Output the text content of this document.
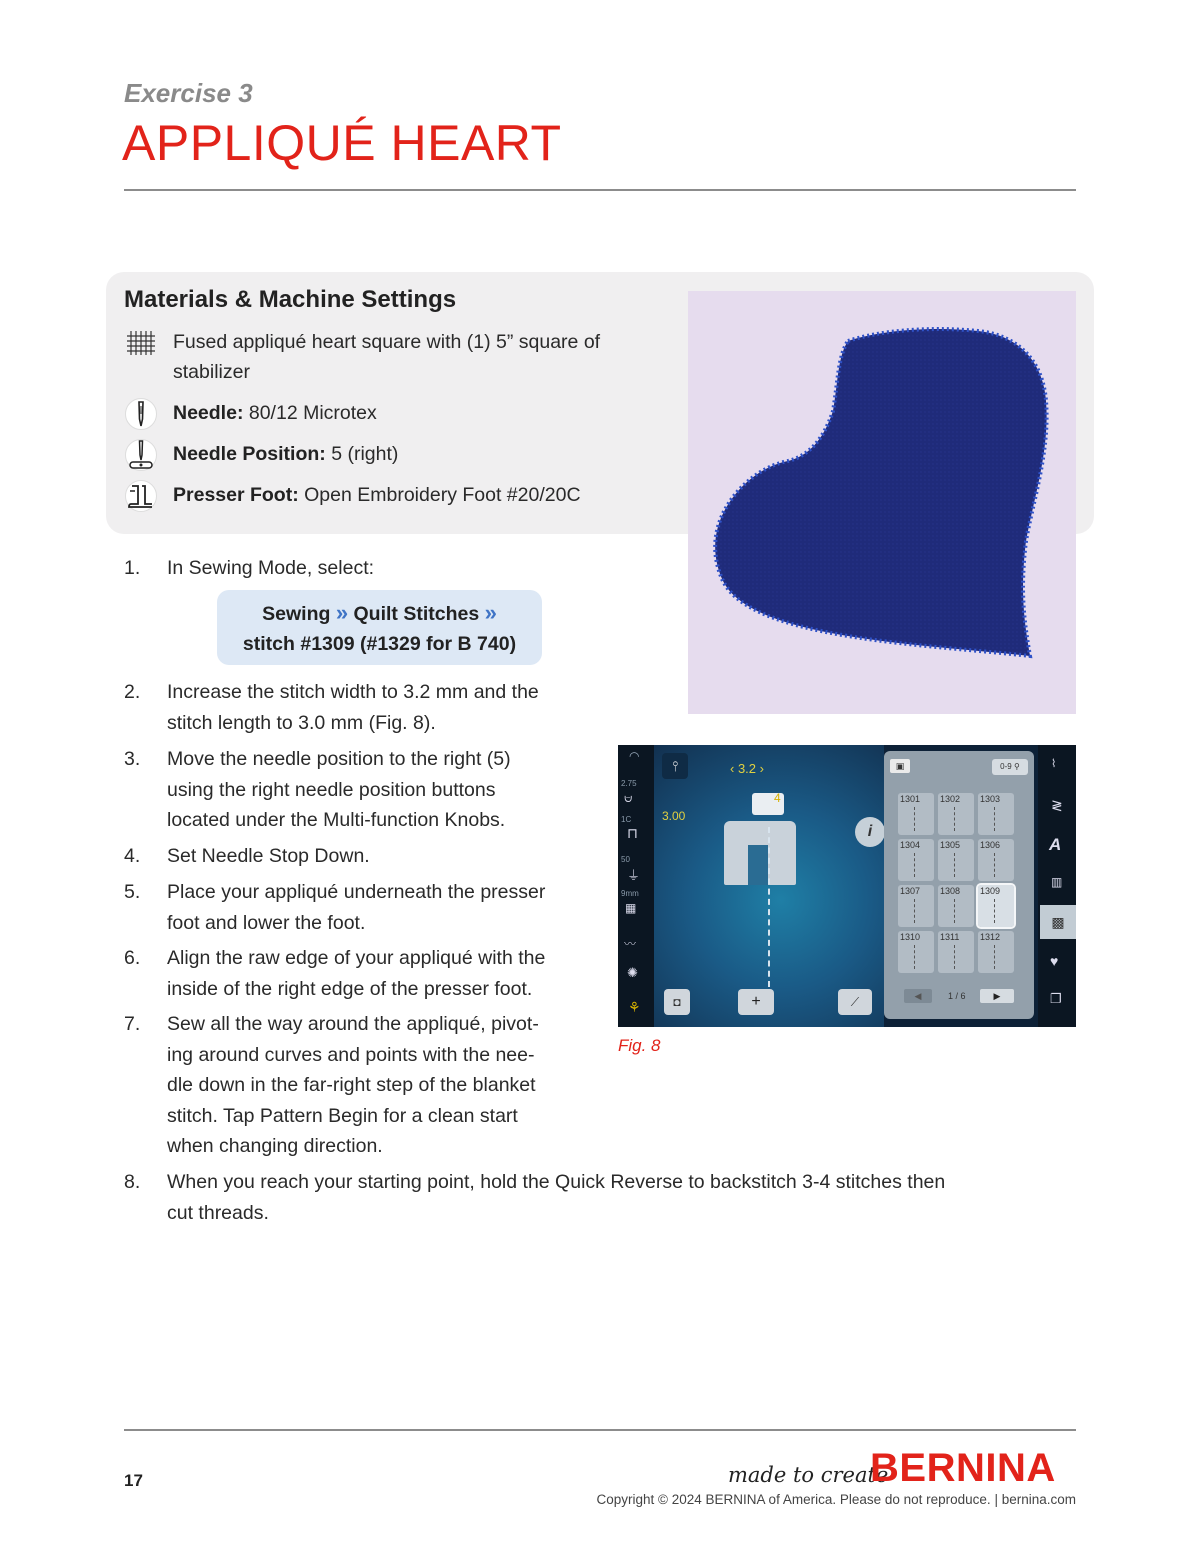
Exercise 3
APPLIQUÉ HEART
Materials & Machine Settings
Fused appliqué heart square with (1) 5” square of
stabilizer
Needle: 80/12 Microtex
Needle Position: 5 (right)
Presser Foot: Open Embroidery Foot #20/20C
1.	In Sewing Mode, select:
Sewing » Quilt Stitches »
stitch #1309 (#1329 for B 740)
2.	Increase the stitch width to 3.2 mm and the
stitch length to 3.0 mm (Fig. 8).
3.	Move the needle position to the right (5)
using the right needle position buttons
located under the Multi-function Knobs.
4.	Set Needle Stop Down.
5.	Place your appliqué underneath the presser
foot and lower the foot.
6.	Align the raw edge of your appliqué with the
inside of the right edge of the presser foot.
7.	Sew all the way around the appliqué, pivot-
ing around curves and points with the nee-
dle down in the far-right step of the blanket
stitch. Tap Pattern Begin for a clean start
when changing direction.
8.	When you reach your starting point, hold the Quick Reverse to backstitch 3-4 stitches then
cut threads.
◠
2.75
⩁
1C
⊓
50
⏚
9mm
▦
〰
✺
⚘
⫯	‹ 3.2 ›
3.00
4
i
◘	+	⟋
▣	0-9 ⚲
1301 1302 1303
1304 1305 1306
1307 1308 1309
1310 1311 1312
◀	1 / 6	▶
⌇
≷
A
▥
▩
♥
❐
Fig. 8
17	made to create
BERNINA
Copyright © 2024 BERNINA of America. Please do not reproduce. | bernina.com
